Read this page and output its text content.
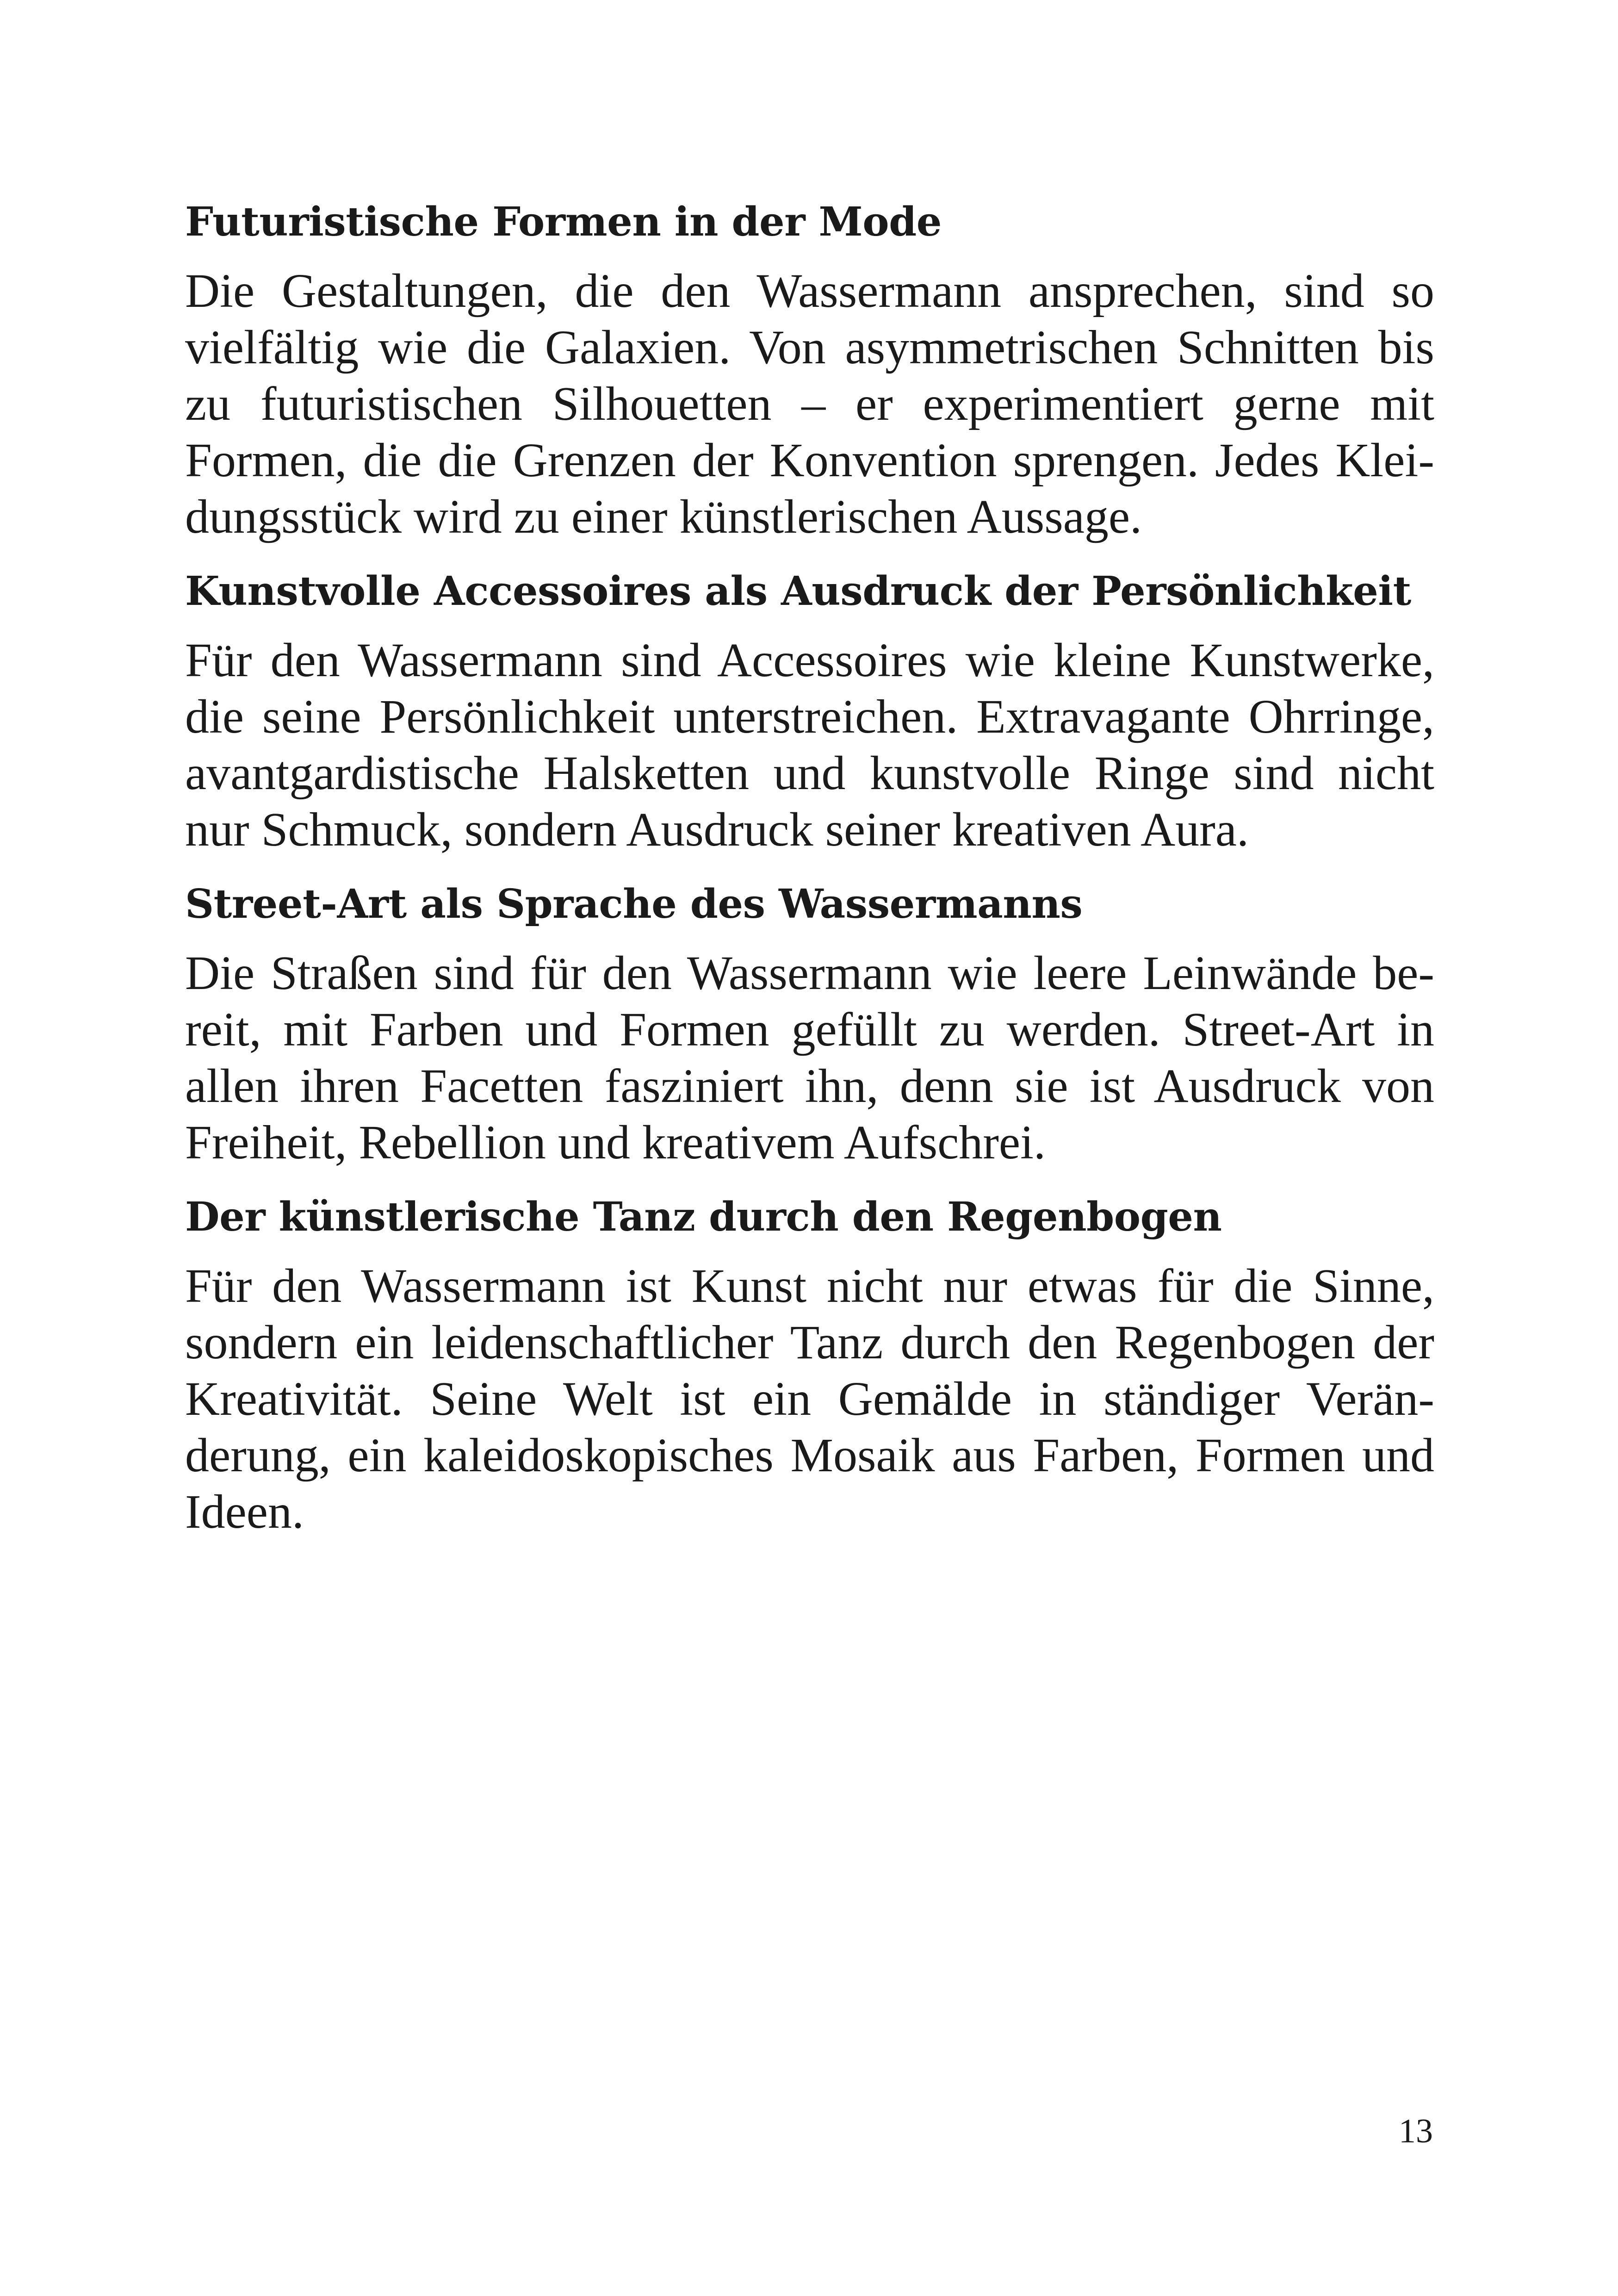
Futuristische Formen in der Mode

Die Gestaltungen, die den Wassermann ansprechen, sind so vielfältig wie die Galaxien. Von asymmetrischen Schnitten bis zu futuristischen Silhouetten – er experimentiert gerne mit Formen, die die Grenzen der Konvention sprengen. Jedes Kleidungsstück wird zu einer künstlerischen Aussage.

Kunstvolle Accessoires als Ausdruck der Persönlichkeit

Für den Wassermann sind Accessoires wie kleine Kunstwerke, die seine Persönlichkeit unterstreichen. Extravagante Ohrringe, avantgardistische Halsketten und kunstvolle Ringe sind nicht nur Schmuck, sondern Ausdruck seiner kreativen Aura.

Street-Art als Sprache des Wassermanns

Die Straßen sind für den Wassermann wie leere Leinwände bereit, mit Farben und Formen gefüllt zu werden. Street-Art in allen ihren Facetten fasziniert ihn, denn sie ist Ausdruck von Freiheit, Rebellion und kreativem Aufschrei.

Der künstlerische Tanz durch den Regenbogen

Für den Wassermann ist Kunst nicht nur etwas für die Sinne, sondern ein leidenschaftlicher Tanz durch den Regenbogen der Kreativität. Seine Welt ist ein Gemälde in ständiger Veränderung, ein kaleidoskopisches Mosaik aus Farben, Formen und Ideen.

13
